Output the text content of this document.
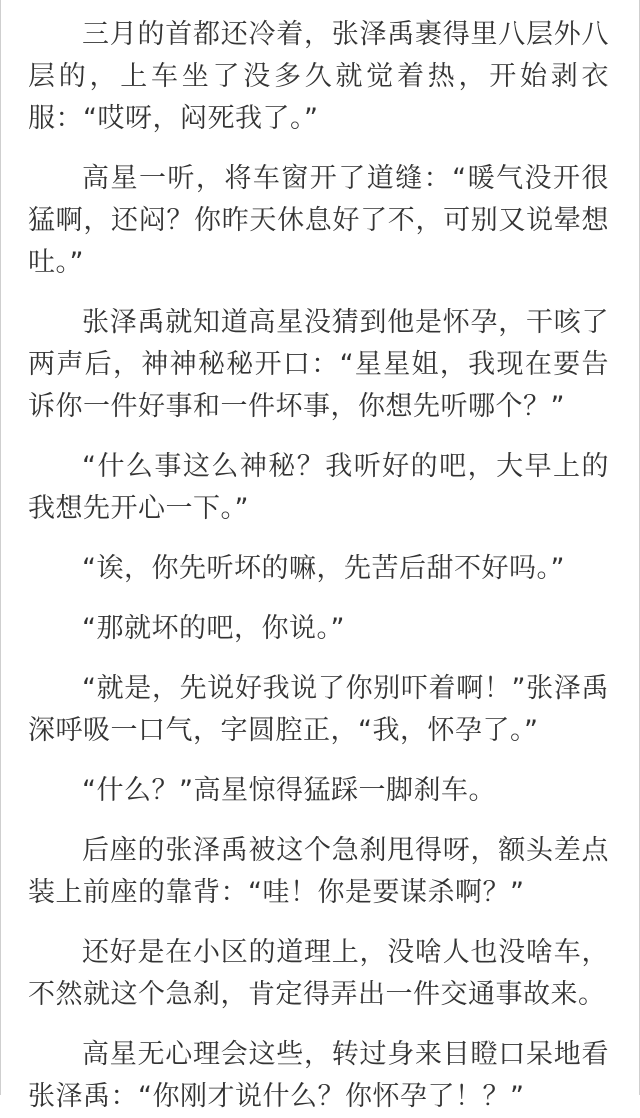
三月的首都还冷着，张泽禹裹得里八层外八层的，上车坐了没多久就觉着热，开始剥衣服：“哎呀，闷死我了。”

高星一听，将车窗开了道缝：“暖气没开很猛啊，还闷？你昨天休息好了不，可别又说晕想吐。”

张泽禹就知道高星没猜到他是怀孕，干咳了两声后，神神秘秘开口：“星星姐，我现在要告诉你一件好事和一件坏事，你想先听哪个？”

“什么事这么神秘？我听好的吧，大早上的我想先开心一下。”

“诶，你先听坏的嘛，先苦后甜不好吗。”

“那就坏的吧，你说。”

“就是，先说好我说了你别吓着啊！”张泽禹深呼吸一口气，字圆腔正，“我，怀孕了。”

“什么？”高星惊得猛踩一脚刹车。

后座的张泽禹被这个急刹甩得呀，额头差点装上前座的靠背：“哇！你是要谋杀啊？”

还好是在小区的道理上，没啥人也没啥车，不然就这个急刹，肯定得弄出一件交通事故来。

高星无心理会这些，转过身来目瞪口呆地看张泽禹：“你刚才说什么？你怀孕了！？”
